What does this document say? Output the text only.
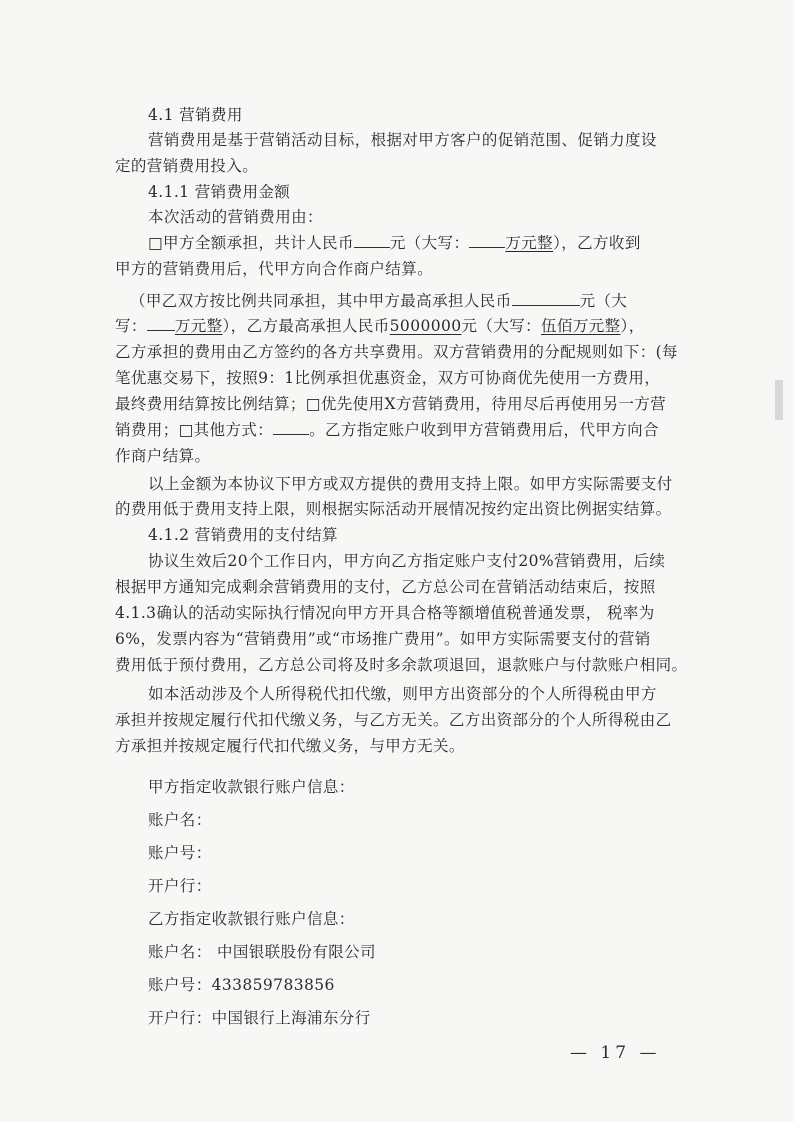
4.1 营销费用
营销费用是基于营销活动目标，根据对甲方客户的促销范围、促销力度设
定的营销费用投入。
4.1.1 营销费用金额
本次活动的营销费用由：
□甲方全额承担，共计人民币 元（大写： 万元整），乙方收到
甲方的营销费用后，代甲方向合作商户结算。
（甲乙双方按比例共同承担，其中甲方最高承担人民币	元（大
写： 万元整），乙方最高承担人民币5000000元（大写：伍佰万元整），
乙方承担的费用由乙方签约的各方共享费用。双方营销费用的分配规则如下：(每
笔优惠交易下，按照9：1比例承担优惠资金，双方可协商优先使用一方费用，
最终费用结算按比例结算；□优先使用X方营销费用，待用尽后再使用另一方营
销费用；□其他方式： 。乙方指定账户收到甲方营销费用后，代甲方向合
作商户结算。
以上金额为本协议下甲方或双方提供的费用支持上限。如甲方实际需要支付
的费用低于费用支持上限，则根据实际活动开展情况按约定出资比例据实结算。
4.1.2 营销费用的支付结算
协议生效后20个工作日内，甲方向乙方指定账户支付20%营销费用，后续
根据甲方通知完成剩余营销费用的支付，乙方总公司在营销活动结束后，按照
4.1.3确认的活动实际执行情况向甲方开具合格等额增值税普通发票， 税率为
6%，发票内容为“营销费用”或“市场推广费用”。如甲方实际需要支付的营销
费用低于预付费用，乙方总公司将及时多余款项退回，退款账户与付款账户相同。
如本活动涉及个人所得税代扣代缴，则甲方出资部分的个人所得税由甲方
承担并按规定履行代扣代缴义务，与乙方无关。乙方出资部分的个人所得税由乙
方承担并按规定履行代扣代缴义务，与甲方无关。
甲方指定收款银行账户信息：
账户名：
账户号：
开户行：
乙方指定收款银行账户信息：
账户名： 中国银联股份有限公司
账户号：433859783856
开户行：中国银行上海浦东分行
— 17 —
